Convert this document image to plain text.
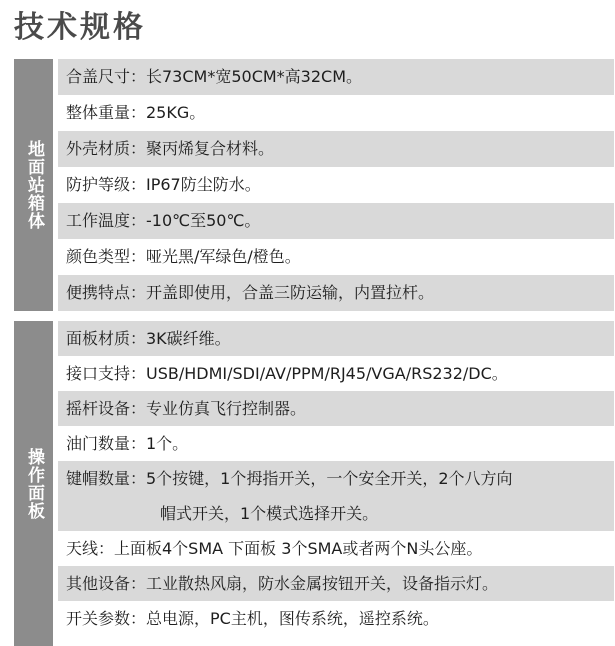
技术规格
地面站箱体
合盖尺寸：长73CM*宽50CM*高32CM。
整体重量：25KG。
外壳材质：聚丙烯复合材料。
防护等级：IP67防尘防水。
工作温度：-10℃至50℃。
颜色类型：哑光黑/军绿色/橙色。
便携特点：开盖即使用，合盖三防运输，内置拉杆。
操作面板
面板材质：3K碳纤维。
接口支持：USB/HDMI/SDI/AV/PPM/RJ45/VGA/RS232/DC。
摇杆设备：专业仿真飞行控制器。
油门数量：1个。
键帽数量：5个按键，1个拇指开关，一个安全开关，2个八方向
帽式开关，1个模式选择开关。
天线：上面板4个SMA 下面板 3个SMA或者两个N头公座。
其他设备：工业散热风扇，防水金属按钮开关，设备指示灯。
开关参数：总电源，PC主机，图传系统，遥控系统。
